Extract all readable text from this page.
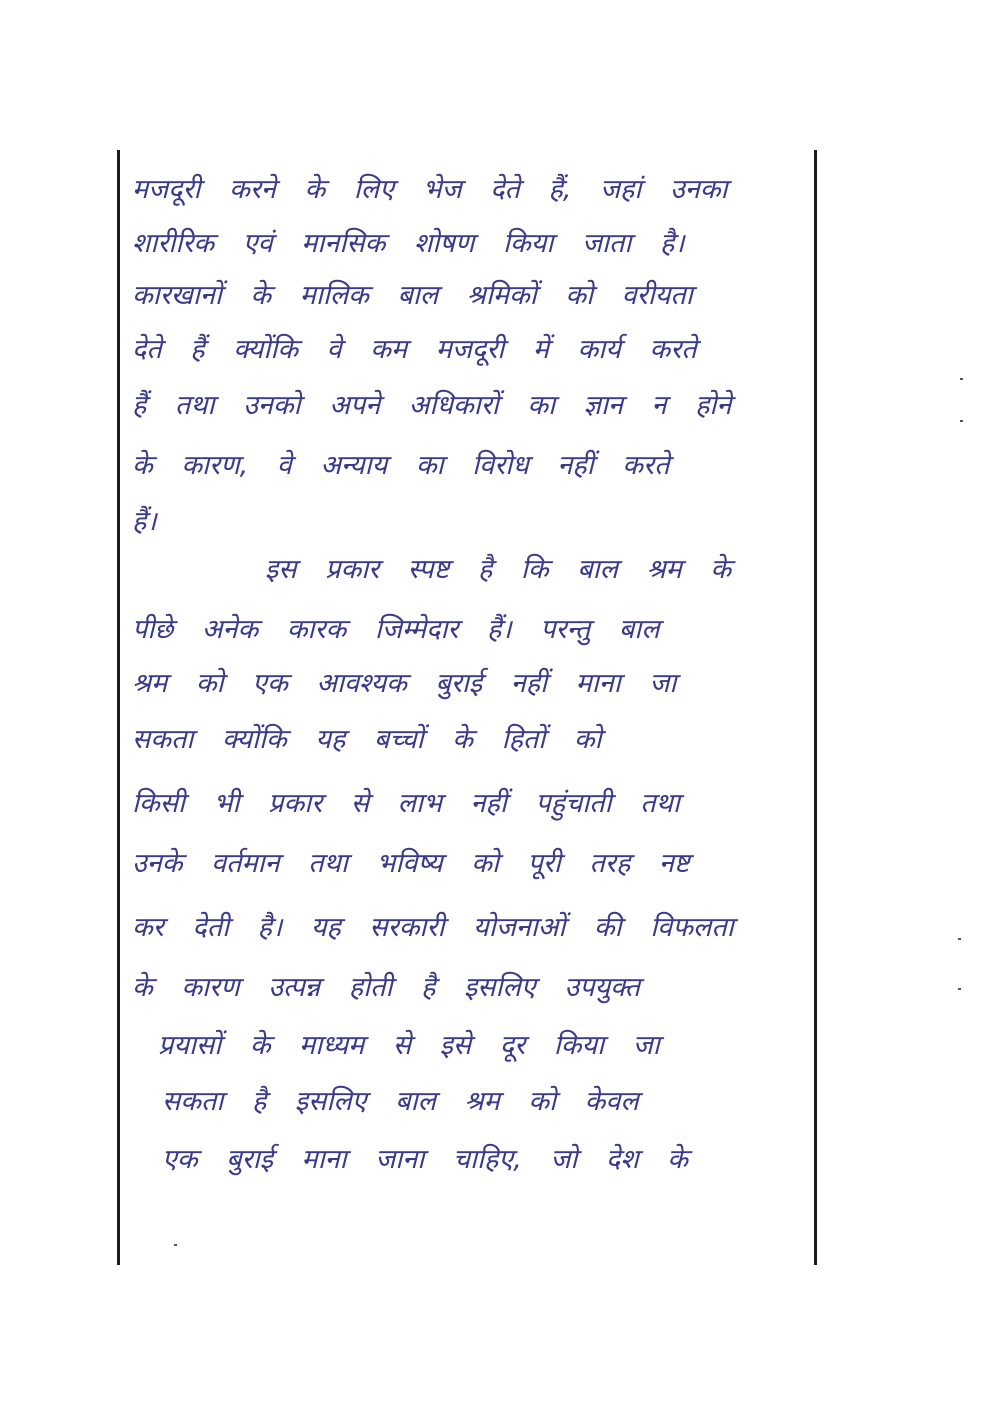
मजदूरी करने के लिए भेज देते हैं, जहां उनका
शारीरिक एवं मानसिक शोषण किया जाता है।
कारखानों के मालिक बाल श्रमिकों को वरीयता
देते हैं क्योंकि वे कम मजदूरी में कार्य करते
हैं तथा उनको अपने अधिकारों का ज्ञान न होने
के कारण, वे अन्याय का विरोध नहीं करते
हैं।
इस प्रकार स्पष्ट है कि बाल श्रम के
पीछे अनेक कारक जिम्मेदार हैं। परन्तु बाल
श्रम को एक आवश्यक बुराई नहीं माना जा
सकता क्योंकि यह बच्चों के हितों को
किसी भी प्रकार से लाभ नहीं पहुंचाती तथा
उनके वर्तमान तथा भविष्य को पूरी तरह नष्ट
कर देती है। यह सरकारी योजनाओं की विफलता
के कारण उत्पन्न होती है इसलिए उपयुक्त
प्रयासों के माध्यम से इसे दूर किया जा
सकता है इसलिए बाल श्रम को केवल
एक बुराई माना जाना चाहिए, जो देश के
